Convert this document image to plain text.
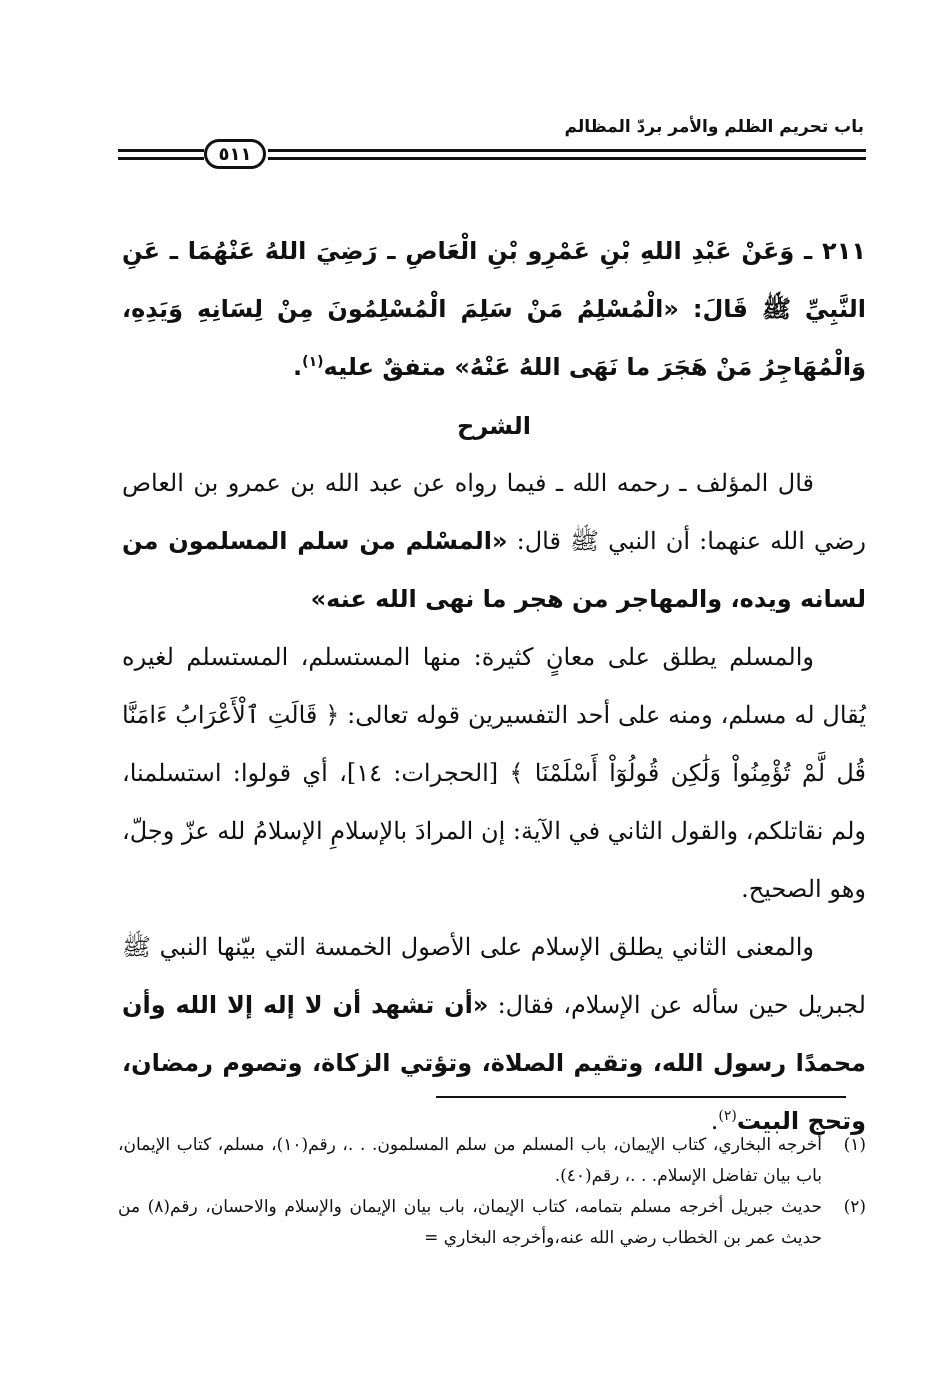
باب تحريم الظلم والأمر بردّ المظالم
٥١١

٢١١ ـ وَعَنْ عَبْدِ اللهِ بْنِ عَمْرِو بْنِ الْعَاصِ ـ رَضِيَ اللهُ عَنْهُمَا ـ عَنِ النَّبِيِّ ﷺ قَالَ: «الْمُسْلِمُ مَنْ سَلِمَ الْمُسْلِمُونَ مِنْ لِسَانِهِ وَيَدِهِ، وَالْمُهَاجِرُ مَنْ هَجَرَ ما نَهَى اللهُ عَنْهُ» متفقٌ عليه$^{(١)}$.

الشرح

قال المؤلف ـ رحمه الله ـ فيما رواه عن عبد الله بن عمرو بن العاص رضي الله عنهما: أن النبي ﷺ قال: «المسْلم من سلم المسلمون من لسانه ويده، والمهاجر من هجر ما نهى الله عنه»

والمسلم يطلق على معانٍ كثيرة: منها المستسلم، المستسلم لغيره يُقال له مسلم، ومنه على أحد التفسيرين قوله تعالى: ﴿ قَالَتِ ٱلْأَعْرَابُ ءَامَنَّا قُل لَّمْ تُؤْمِنُواْ وَلَٰكِن قُولُوٓاْ أَسْلَمْنَا ﴾ [الحجرات: ١٤]، أي قولوا: استسلمنا، ولم نقاتلكم، والقول الثاني في الآية: إن المرادَ بالإسلامِ الإسلامُ لله عزّ وجلّ، وهو الصحيح.

والمعنى الثاني يطلق الإسلام على الأصول الخمسة التي بيّنها النبي ﷺ لجبريل حين سأله عن الإسلام، فقال: «أن تشهد أن لا إله إلا الله وأن محمدًا رسول الله، وتقيم الصلاة، وتؤتي الزكاة، وتصوم رمضان، وتحج البيت$^{(٢)}$.

(١)
أخرجه البخاري، كتاب الإيمان، باب المسلم من سلم المسلمون. . .، رقم(١٠)، مسلم، كتاب الإيمان، باب بيان تفاضل الإسلام. . .، رقم(٤٠).
(٢)
حديث جبريل أخرجه مسلم بتمامه، كتاب الإيمان، باب بيان الإيمان والإسلام والاحسان، رقم(٨) من حديث عمر بن الخطاب رضي الله عنه،وأخرجه البخاري =
